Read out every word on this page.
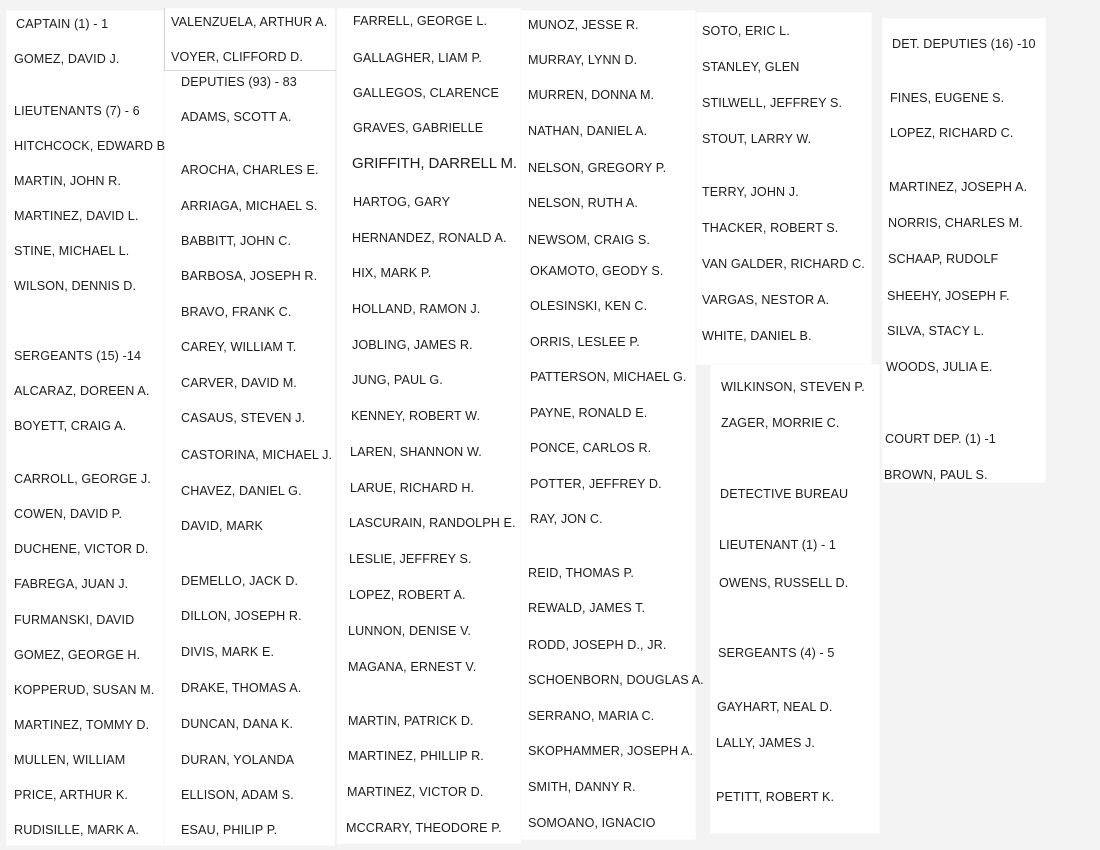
CAPTAIN (1) - 1
GOMEZ, DAVID J.
LIEUTENANTS (7) - 6
HITCHCOCK, EDWARD B
MARTIN, JOHN R.
MARTINEZ, DAVID L.
STINE, MICHAEL L.
WILSON, DENNIS D.
SERGEANTS (15) -14
ALCARAZ, DOREEN A.
BOYETT, CRAIG A.
CARROLL, GEORGE J.
COWEN, DAVID P.
DUCHENE, VICTOR D.
FABREGA, JUAN J.
FURMANSKI, DAVID
GOMEZ, GEORGE H.
KOPPERUD, SUSAN M.
MARTINEZ, TOMMY D.
MULLEN, WILLIAM
PRICE, ARTHUR K.
RUDISILLE, MARK A.
VALENZUELA, ARTHUR A.
VOYER, CLIFFORD D.
DEPUTIES (93) - 83
ADAMS, SCOTT A.
AROCHA, CHARLES E.
ARRIAGA, MICHAEL S.
BABBITT, JOHN C.
BARBOSA, JOSEPH R.
BRAVO, FRANK C.
CAREY, WILLIAM T.
CARVER, DAVID M.
CASAUS, STEVEN J.
CASTORINA, MICHAEL J.
CHAVEZ, DANIEL G.
DAVID, MARK
DEMELLO, JACK D.
DILLON, JOSEPH R.
DIVIS, MARK E.
DRAKE, THOMAS A.
DUNCAN, DANA K.
DURAN, YOLANDA
ELLISON, ADAM S.
ESAU, PHILIP P.
FARRELL, GEORGE L.
GALLAGHER, LIAM P.
GALLEGOS, CLARENCE
GRAVES, GABRIELLE
GRIFFITH, DARRELL M.
HARTOG, GARY
HERNANDEZ, RONALD A.
HIX, MARK P.
HOLLAND, RAMON J.
JOBLING, JAMES R.
JUNG, PAUL G.
KENNEY, ROBERT W.
LAREN, SHANNON W.
LARUE, RICHARD H.
LASCURAIN, RANDOLPH E.
LESLIE, JEFFREY S.
LOPEZ, ROBERT A.
LUNNON, DENISE V.
MAGANA, ERNEST V.
MARTIN, PATRICK D.
MARTINEZ, PHILLIP R.
MARTINEZ, VICTOR D.
MCCRARY, THEODORE P.
MUNOZ, JESSE R.
MURRAY, LYNN D.
MURREN, DONNA M.
NATHAN, DANIEL A.
NELSON, GREGORY P.
NELSON, RUTH A.
NEWSOM, CRAIG S.
OKAMOTO, GEODY S.
OLESINSKI, KEN C.
ORRIS, LESLEE P.
PATTERSON, MICHAEL G.
PAYNE, RONALD E.
PONCE, CARLOS R.
POTTER, JEFFREY D.
RAY, JON C.
REID, THOMAS P.
REWALD, JAMES T.
RODD, JOSEPH D., JR.
SCHOENBORN, DOUGLAS A.
SERRANO, MARIA C.
SKOPHAMMER, JOSEPH A.
SMITH, DANNY R.
SOMOANO, IGNACIO
SOTO, ERIC L.
STANLEY, GLEN
STILWELL, JEFFREY S.
STOUT, LARRY W.
TERRY, JOHN J.
THACKER, ROBERT S.
VAN GALDER, RICHARD C.
VARGAS, NESTOR A.
WHITE, DANIEL B.
WILKINSON, STEVEN P.
ZAGER, MORRIE C.
DETECTIVE BUREAU
LIEUTENANT (1) - 1
OWENS, RUSSELL D.
SERGEANTS (4) - 5
GAYHART, NEAL D.
LALLY, JAMES J.
PETITT, ROBERT K.
DET. DEPUTIES (16) -10
FINES, EUGENE S.
LOPEZ, RICHARD C.
MARTINEZ, JOSEPH A.
NORRIS, CHARLES M.
SCHAAP, RUDOLF
SHEEHY, JOSEPH F.
SILVA, STACY L.
WOODS, JULIA E.
COURT DEP. (1) -1
BROWN, PAUL S.
